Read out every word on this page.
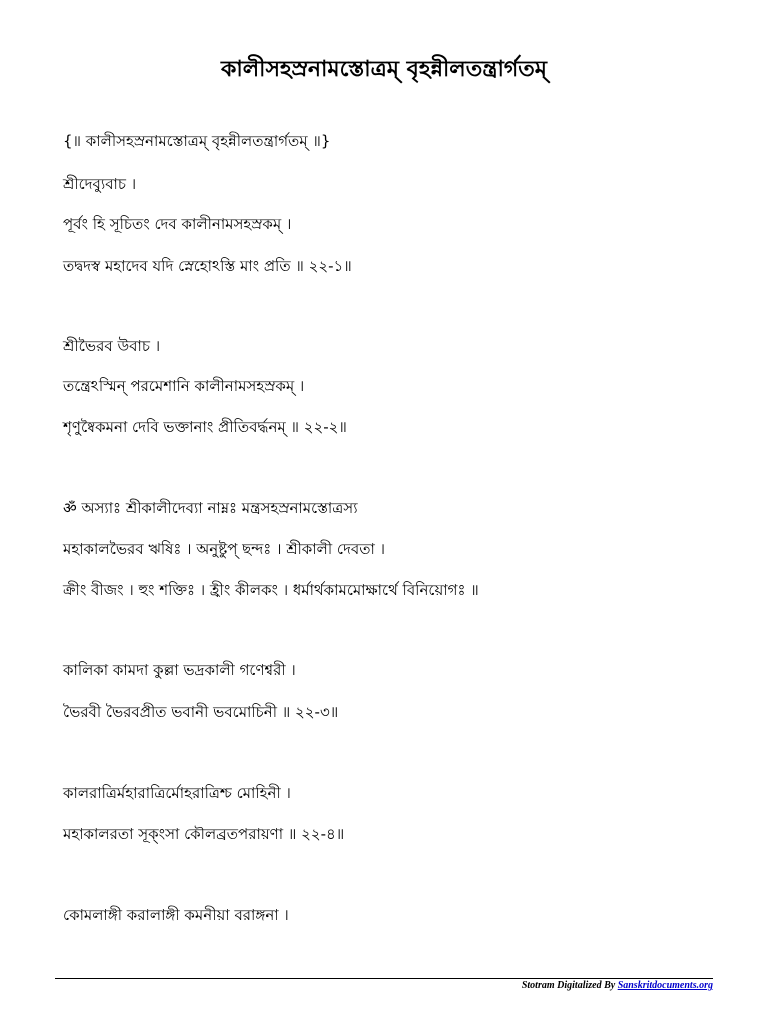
কালীসহস্রনামস্তোত্রম্ বৃহন্নীলতন্ত্রার্গতম্
{॥ কালীসহস্রনামস্তোত্রম্ বৃহন্নীলতন্ত্রার্গতম্ ॥}
শ্রীদেব্যুবাচ ।
পূর্বং হি সূচিতং দেব কালীনামসহস্রকম্ ।
তদ্বদস্ব মহাদেব যদি স্নেহোঽস্তি মাং প্রতি ॥ ২২-১॥
শ্রীভৈরব উবাচ ।
তন্ত্রেঽস্মিন্ পরমেশানি কালীনামসহস্রকম্ ।
শৃণুষ্বৈকমনা দেবি ভক্তানাং প্রীতিবর্দ্ধনম্ ॥ ২২-২॥
ॐ অস্যাঃ শ্রীকালীদেব্যা নাম্নঃ মন্ত্রসহস্রনামস্তোত্রস্য
মহাকালভৈরব ঋষিঃ । অনুষ্টুপ্ ছন্দঃ । শ্রীকালী দেবতা ।
ক্রীং বীজং । হুং শক্তিঃ । হ্রীং কীলকং । ধর্মার্থকামমোক্ষার্থে বিনিয়োগঃ ॥
কালিকা কামদা কুল্লা ভদ্রকালী গণেশ্বরী ।
ভৈরবী ভৈরবপ্রীত ভবানী ভবমোচিনী ॥ ২২-৩॥
কালরাত্রির্মহারাত্রির্মোহরাত্রিশ্চ মোহিনী ।
মহাকালরতা সূক্ংসা কৌলব্রতপরায়ণা ॥ ২২-৪॥
কোমলাঙ্গী করালাঙ্গী কমনীয়া বরাঙ্গনা ।
Stotram Digitalized By Sanskritdocuments.org
